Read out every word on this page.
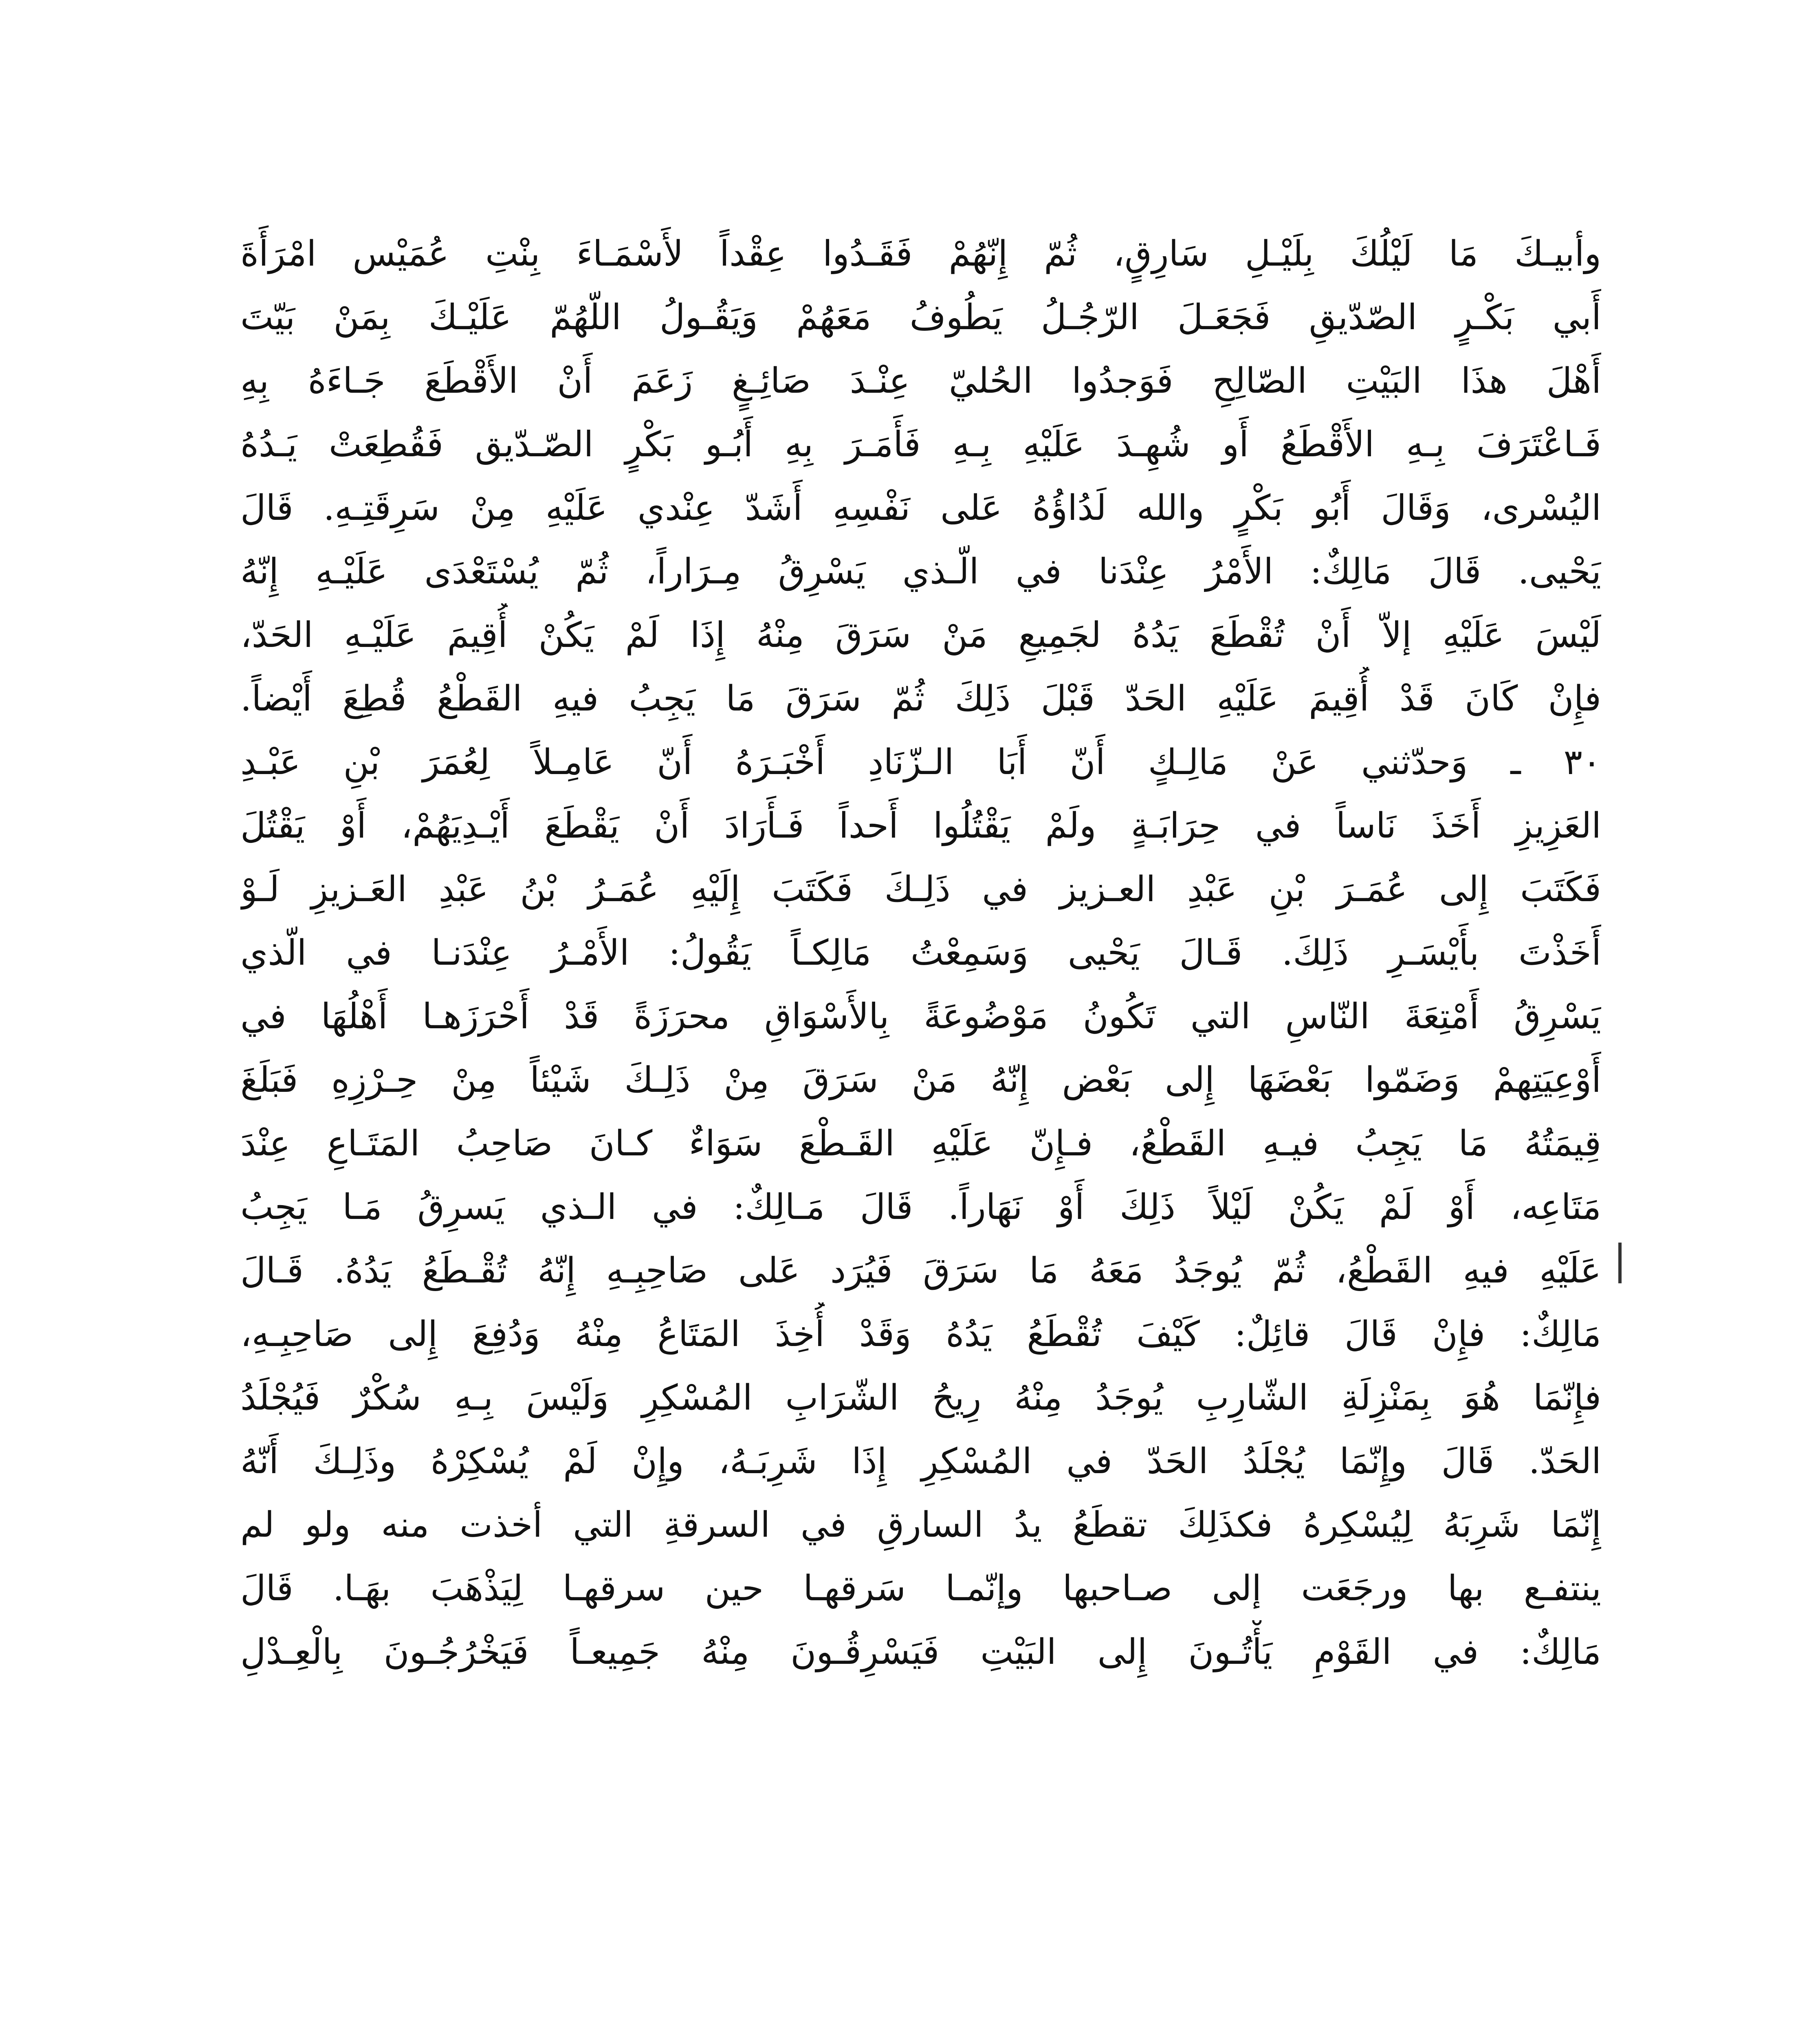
وأبيـكَ مَا لَيْلُكَ بِلَيْـلِ سَارِقٍ، ثُمّ إِنّهُمْ فَقَـدُوا عِقْداً لأَسْمَـاءَ بِنْتِ عُمَيْس امْرَأَةَ
أَبي بَكْـرٍ الصّدّيقِ فَجَعَـلَ الرّجُـلُ يَطُوفُ مَعَهُمْ وَيَقُـولُ اللّهُمّ عَلَيْـكَ بِمَنْ بَيّتَ
أَهْلَ هذَا البَيْتِ الصّالِحِ فَوَجدُوا الحُليّ عِنْـدَ صَائِـغٍ زَعَمَ أَنْ الأَقْطَعَ جَـاءَهُ بِهِ
فَـاعْتَرَفَ بِـهِ الأَقْطَعُ أَو شُهِـدَ عَلَيْهِ بِـهِ فَأَمَـرَ بِهِ أَبُـو بَكْرٍ الصّـدّيق فَقُطِعَتْ يَـدُهُ
اليُسْرى، وَقَالَ أَبُو بَكْرٍ والله لَدُاؤُهُ عَلى نَفْسِهِ أَشَدّ عِنْدي عَلَيْهِ مِنْ سَرِقَتِـهِ. قَالَ
يَحْيى. قَالَ مَالِكٌ: الأَمْرُ عِنْدَنا في الّـذي يَسْرِقُ مِـرَاراً، ثُمّ يُسْتَعْدَى عَلَيْـهِ إِنّهُ
لَيْسَ عَلَيْهِ إلاّ أَنْ تُقْطَعَ يَدُهُ لجَمِيعِ مَنْ سَرَقَ مِنْهُ إِذَا لَمْ يَكُنْ أُقِيمَ عَلَيْـهِ الحَدّ،
فإِنْ كَانَ قَدْ أُقِيمَ عَلَيْهِ الحَدّ قَبْلَ ذَلِكَ ثُمّ سَرَقَ مَا يَجِبُ فيهِ القَطْعُ قُطِعَ أَيْضاً.
٣٠ ـ وَحدّثني عَنْ مَالِـكٍ أَنّ أَبَا الـزّنَادِ أَخْبَـرَهُ أَنّ عَامِـلاً لِعُمَرَ بْنِ عَبْـدِ
العَزِيزِ أَخَذَ نَاساً في حِرَابَـةٍ ولَمْ يَقْتُلُوا أَحداً فَـأَرَادَ أَنْ يَقْطَعَ أَيْـدِيَهُمْ، أَوْ يَقْتُلَ
فَكَتَبَ إِلى عُمَـرَ بْنِ عَبْدِ العـزيز في ذَلِـكَ فَكَتَبَ إِلَيْهِ عُمَـرُ بْنُ عَبْدِ العَـزيزِ لَـوْ
أَخَذْتَ بأَيْسَـرِ ذَلِكَ. قَـالَ يَحْيى وَسَمِعْتُ مَالِكـاً يَقُولُ: الأَمْـرُ عِنْدَنـا في الّذي
يَسْرِقُ أَمْتِعَةَ النّاسِ التي تَكُونُ مَوْضُوعَةً بِالأَسْوَاقِ محرَزَةً قَدْ أَحْرَزَهـا أَهْلُهَا في
أَوْعِيَتِهمْ وَضَمّوا بَعْضَهَا إِلى بَعْض إِنّهُ مَنْ سَرَقَ مِنْ ذَلِـكَ شَيْئاً مِنْ حِـرْزِهِ فَبَلَغَ
قِيمَتُهُ مَا يَجِبُ فيـهِ القَطْعُ، فـإِنّ عَلَيْهِ القَـطْعَ سَوَاءٌ كـانَ صَاحِبُ المَتَـاعِ عِنْدَ
مَتَاعِه، أَوْ لَمْ يَكُنْ لَيْلاً ذَلِكَ أَوْ نَهَاراً. قَالَ مَـالِكٌ: في الـذي يَسرِقُ مَـا يَجِبُ
عَلَيْهِ فيهِ القَطْعُ، ثُمّ يُوجَدُ مَعَهُ مَا سَرَقَ فَيُرَد عَلى صَاحِبِـهِ إِنّهُ تُقْـطَعُ يَدُهُ. قَـالَ
مَالِكٌ: فإِنْ قَالَ قائِلٌ: كَيْفَ تُقْطَعُ يَدُهُ وَقَدْ أُخِذَ المَتَاعُ مِنْهُ وَدُفِعَ إِلى صَاحِبِـهِ،
فإِنّمَا هُوَ بِمَنْزِلَةِ الشّارِبِ يُوجَدُ مِنْهُ رِيحُ الشّرَابِ المُسْكِرِ وَلَيْسَ بِـهِ سُكْرٌ فَيُجْلَدُ
الحَدّ. قَالَ وإِنّمَا يُجْلَدُ الحَدّ في المُسْكِرِ إِذَا شَرِبَـهُ، وإِنْ لَمْ يُسْكِرْهُ وذَلِـكَ أَنّهُ
إِنّمَا شَرِبَهُ لِيُسْكِرهُ فكذَلِكَ تقطَعُ يدُ السارقِ في السرقةِ التي أخذت منه ولو لم
ينتفـع بها ورجَعَت إلى صـاحبها وإنّمـا سَرقهـا حين سرقهـا لِيَذْهَبَ بهَـا. قَالَ
مَالِكٌ: في القَوْمِ يَأْتُـونَ إِلى البَيْتِ فَيَسْرِقُـونَ مِنْهُ جَمِيعـاً فَيَخْرُجُـونَ بِالْعِـدْلِ
